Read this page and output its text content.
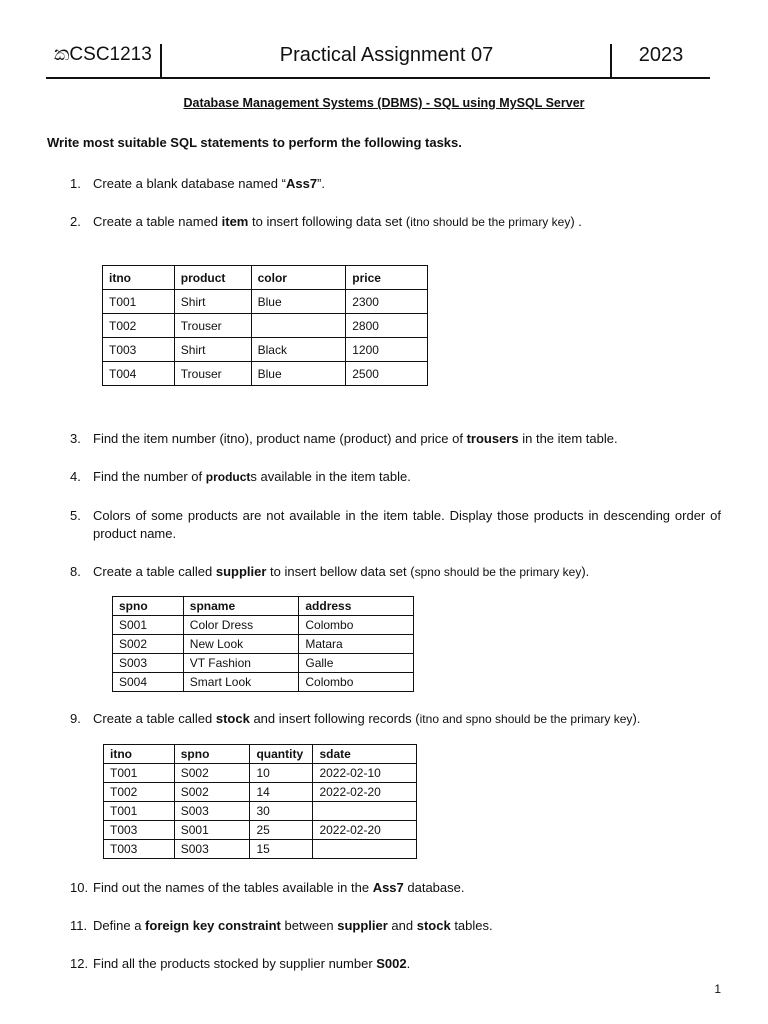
කCSC1213	Practical Assignment 07	2023
Database Management Systems (DBMS) - SQL using MySQL Server
Write most suitable SQL statements to perform the following tasks.
1. Create a blank database named “Ass7”.
2. Create a table named item to insert following data set (itno should be the primary key) .
itno	product	color	price
T001	Shirt	Blue	2300
T002	Trouser		2800
T003	Shirt	Black	1200
T004	Trouser	Blue	2500
3. Find the item number (itno), product name (product) and price of trousers in the item table.
4. Find the number of products available in the item table.
5. Colors of some products are not available in the item table. Display those products in descending order of product name.
8. Create a table called supplier to insert bellow data set (spno should be the primary key).
spno	spname	address
S001	Color Dress	Colombo
S002	New Look	Matara
S003	VT Fashion	Galle
S004	Smart Look	Colombo
9. Create a table called stock and insert following records (itno and spno should be the primary key).
itno	spno	quantity	sdate
T001	S002	10	2022-02-10
T002	S002	14	2022-02-20
T001	S003	30	
T003	S001	25	2022-02-20
T003	S003	15	
10. Find out the names of the tables available in the Ass7 database.
11. Define a foreign key constraint between supplier and stock tables.
12. Find all the products stocked by supplier number S002.
1
